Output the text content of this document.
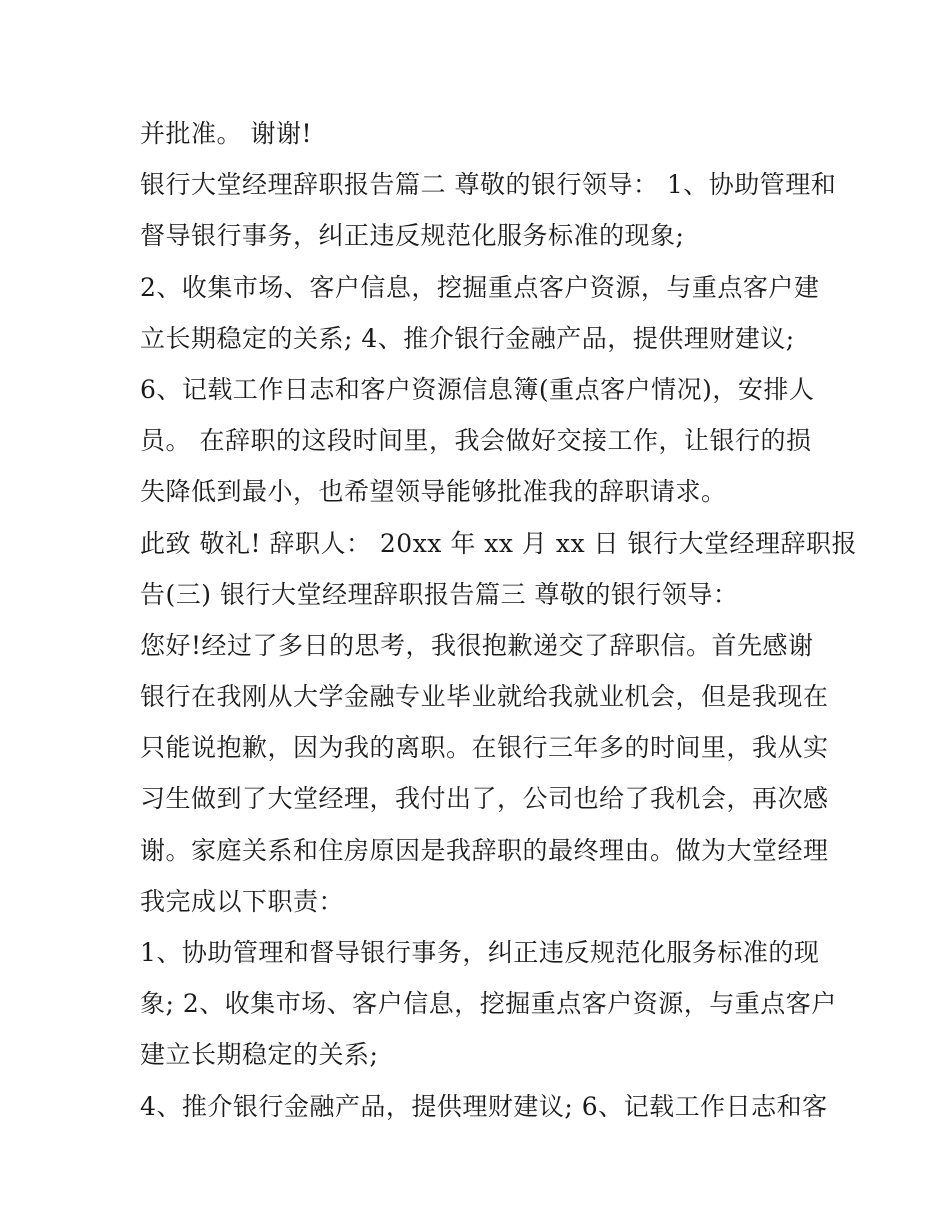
并批准。 谢谢!
银行大堂经理辞职报告篇二 尊敬的银行领导： 1、协助管理和
督导银行事务，纠正违反规范化服务标准的现象;
2、收集市场、客户信息，挖掘重点客户资源，与重点客户建
立长期稳定的关系; 4、推介银行金融产品，提供理财建议;
6、记载工作日志和客户资源信息簿(重点客户情况)，安排人
员。 在辞职的这段时间里，我会做好交接工作，让银行的损
失降低到最小，也希望领导能够批准我的辞职请求。
此致 敬礼! 辞职人： 20xx 年 xx 月 xx 日 银行大堂经理辞职报
告(三) 银行大堂经理辞职报告篇三 尊敬的银行领导：
您好!经过了多日的思考，我很抱歉递交了辞职信。首先感谢
银行在我刚从大学金融专业毕业就给我就业机会，但是我现在
只能说抱歉，因为我的离职。在银行三年多的时间里，我从实
习生做到了大堂经理，我付出了，公司也给了我机会，再次感
谢。家庭关系和住房原因是我辞职的最终理由。做为大堂经理
我完成以下职责：
1、协助管理和督导银行事务，纠正违反规范化服务标准的现
象; 2、收集市场、客户信息，挖掘重点客户资源，与重点客户
建立长期稳定的关系;
4、推介银行金融产品，提供理财建议; 6、记载工作日志和客
